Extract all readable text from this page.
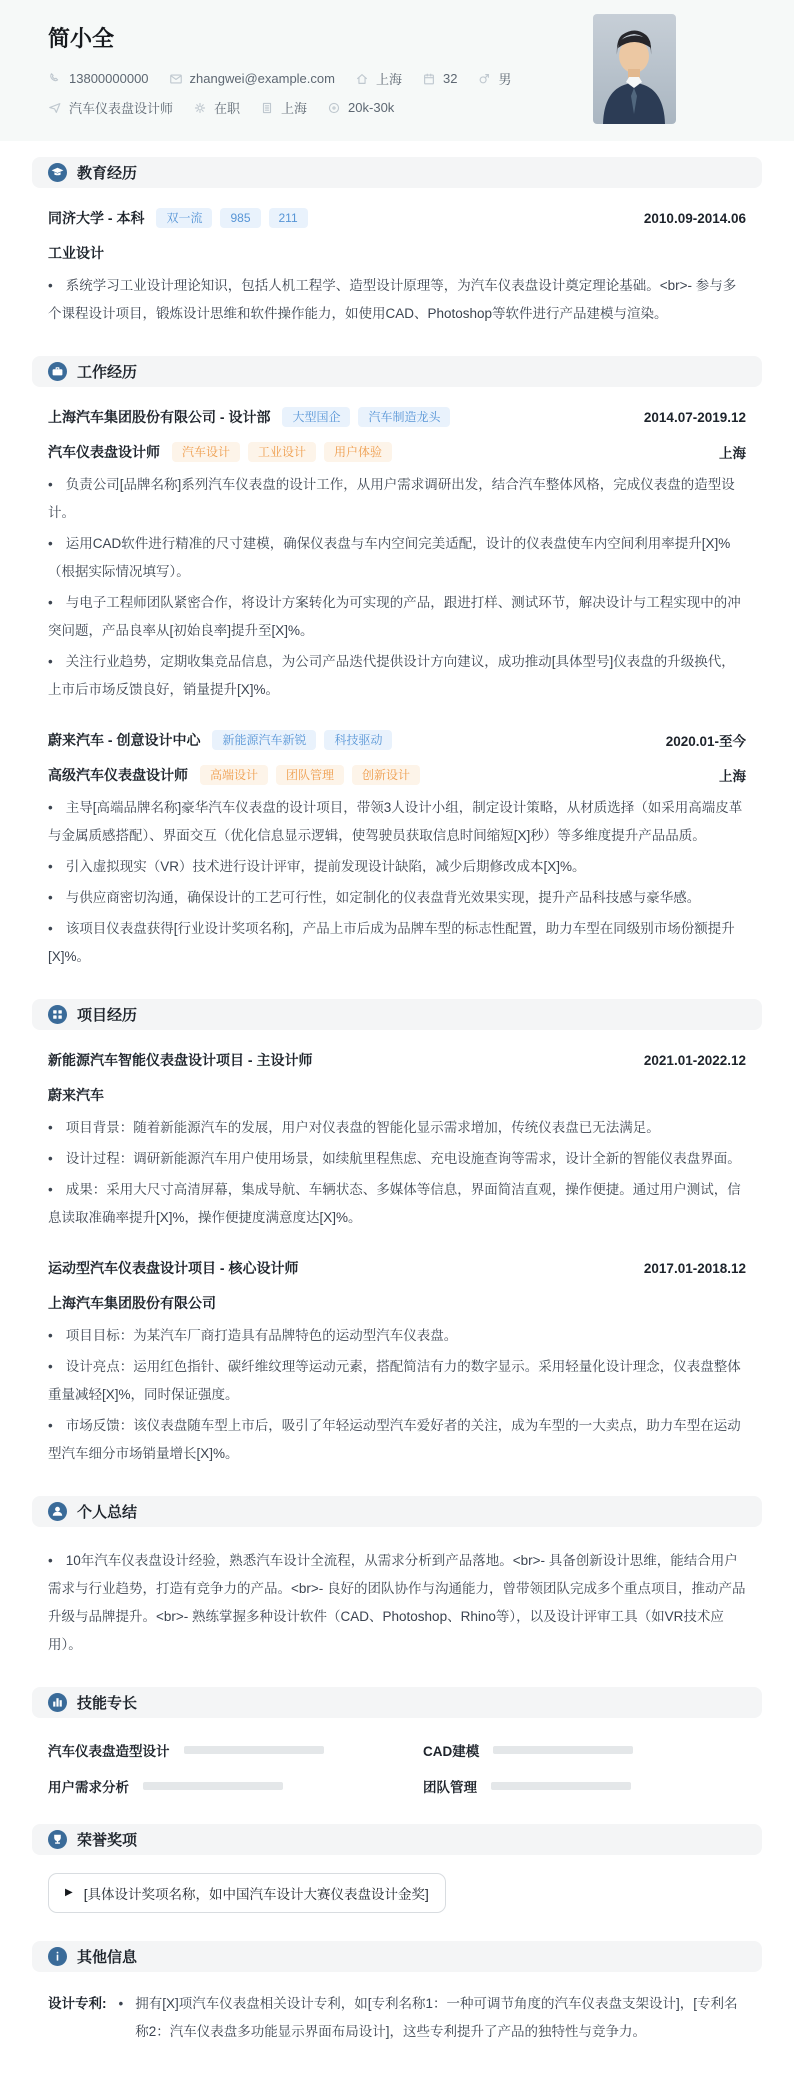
简小全
13800000000	zhangwei@example.com	上海	32	男
汽车仪表盘设计师	在职	上海	20k-30k
教育经历
同济大学 - 本科	双一流	985	211	2010.09-2014.06
工业设计
• 系统学习工业设计理论知识，包括人机工程学、造型设计原理等，为汽车仪表盘设计奠定理论基础。<br>- 参与多个课程设计项目，锻炼设计思维和软件操作能力，如使用CAD、Photoshop等软件进行产品建模与渲染。
工作经历
上海汽车集团股份有限公司 - 设计部	大型国企	汽车制造龙头	2014.07-2019.12
汽车仪表盘设计师	汽车设计	工业设计	用户体验	上海
• 负责公司[品牌名称]系列汽车仪表盘的设计工作，从用户需求调研出发，结合汽车整体风格，完成仪表盘的造型设计。
• 运用CAD软件进行精准的尺寸建模，确保仪表盘与车内空间完美适配，设计的仪表盘使车内空间利用率提升[X]%（根据实际情况填写）。
• 与电子工程师团队紧密合作，将设计方案转化为可实现的产品，跟进打样、测试环节，解决设计与工程实现中的冲突问题，产品良率从[初始良率]提升至[X]%。
• 关注行业趋势，定期收集竞品信息，为公司产品迭代提供设计方向建议，成功推动[具体型号]仪表盘的升级换代，上市后市场反馈良好，销量提升[X]%。
蔚来汽车 - 创意设计中心	新能源汽车新锐	科技驱动	2020.01-至今
高级汽车仪表盘设计师	高端设计	团队管理	创新设计	上海
• 主导[高端品牌名称]豪华汽车仪表盘的设计项目，带领3人设计小组，制定设计策略，从材质选择（如采用高端皮革与金属质感搭配）、界面交互（优化信息显示逻辑，使驾驶员获取信息时间缩短[X]秒）等多维度提升产品品质。
• 引入虚拟现实（VR）技术进行设计评审，提前发现设计缺陷，减少后期修改成本[X]%。
• 与供应商密切沟通，确保设计的工艺可行性，如定制化的仪表盘背光效果实现，提升产品科技感与豪华感。
• 该项目仪表盘获得[行业设计奖项名称]，产品上市后成为品牌车型的标志性配置，助力车型在同级别市场份额提升[X]%。
项目经历
新能源汽车智能仪表盘设计项目 - 主设计师	2021.01-2022.12
蔚来汽车
• 项目背景：随着新能源汽车的发展，用户对仪表盘的智能化显示需求增加，传统仪表盘已无法满足。
• 设计过程：调研新能源汽车用户使用场景，如续航里程焦虑、充电设施查询等需求，设计全新的智能仪表盘界面。
• 成果：采用大尺寸高清屏幕，集成导航、车辆状态、多媒体等信息，界面简洁直观，操作便捷。通过用户测试，信息读取准确率提升[X]%，操作便捷度满意度达[X]%。
运动型汽车仪表盘设计项目 - 核心设计师	2017.01-2018.12
上海汽车集团股份有限公司
• 项目目标：为某汽车厂商打造具有品牌特色的运动型汽车仪表盘。
• 设计亮点：运用红色指针、碳纤维纹理等运动元素，搭配简洁有力的数字显示。采用轻量化设计理念，仪表盘整体重量减轻[X]%，同时保证强度。
• 市场反馈：该仪表盘随车型上市后，吸引了年轻运动型汽车爱好者的关注，成为车型的一大卖点，助力车型在运动型汽车细分市场销量增长[X]%。
个人总结
• 10年汽车仪表盘设计经验，熟悉汽车设计全流程，从需求分析到产品落地。<br>- 具备创新设计思维，能结合用户需求与行业趋势，打造有竞争力的产品。<br>- 良好的团队协作与沟通能力，曾带领团队完成多个重点项目，推动产品升级与品牌提升。<br>- 熟练掌握多种设计软件（CAD、Photoshop、Rhino等），以及设计评审工具（如VR技术应用）。
技能专长
汽车仪表盘造型设计	CAD建模
用户需求分析	团队管理
荣誉奖项
▶ [具体设计奖项名称，如中国汽车设计大赛仪表盘设计金奖]
其他信息
设计专利: • 拥有[X]项汽车仪表盘相关设计专利，如[专利名称1：一种可调节角度的汽车仪表盘支架设计]，[专利名称2：汽车仪表盘多功能显示界面布局设计]，这些专利提升了产品的独特性与竞争力。
